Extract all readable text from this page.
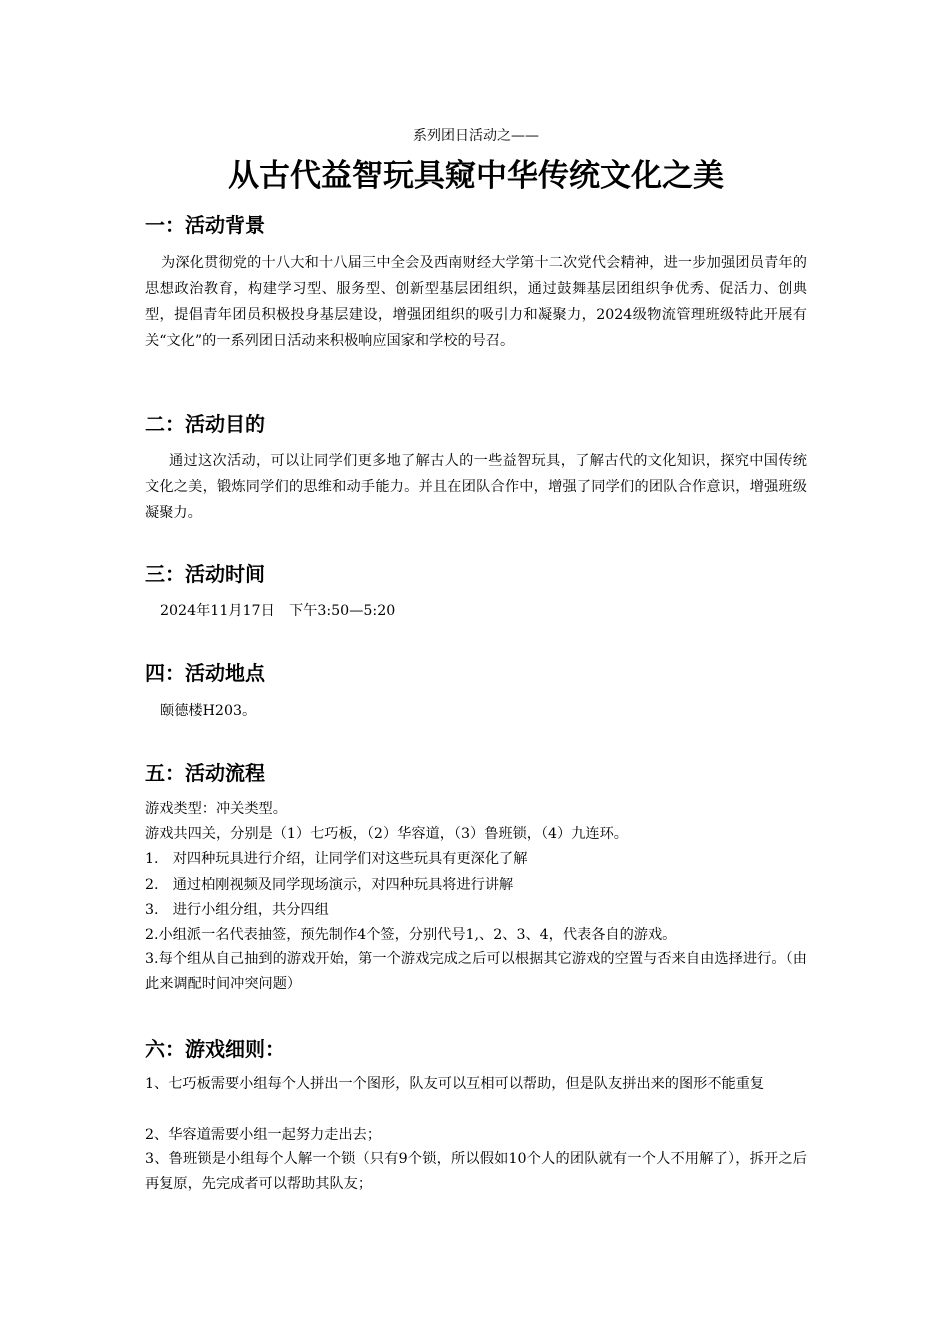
系列团日活动之——
从古代益智玩具窥中华传统文化之美
一：活动背景

为深化贯彻党的十八大和十八届三中全会及西南财经大学第十二次党代会精神，进一步加强团员青年的思想政治教育，构建学习型、服务型、创新型基层团组织，通过鼓舞基层团组织争优秀、促活力、创典型，提倡青年团员积极投身基层建设，增强团组织的吸引力和凝聚力，2024级物流管理班级特此开展有关“文化”的一系列团日活动来积极响应国家和学校的号召。

二：活动目的

通过这次活动，可以让同学们更多地了解古人的一些益智玩具，了解古代的文化知识，探究中国传统文化之美，锻炼同学们的思维和动手能力。并且在团队合作中，增强了同学们的团队合作意识，增强班级凝聚力。

三：活动时间

2024年11月17日　下午3:50—5:20

四：活动地点

颐德楼H203。

五：活动流程

游戏类型：冲关类型。

游戏共四关，分别是（1）七巧板，（2）华容道，（3）鲁班锁，（4）九连环。

1.　对四种玩具进行介绍，让同学们对这些玩具有更深化了解

2.　通过柏刚视频及同学现场演示，对四种玩具将进行讲解

3.　进行小组分组，共分四组

2.小组派一名代表抽签，预先制作4个签，分别代号1,、2、3、4，代表各自的游戏。

3.每个组从自己抽到的游戏开始，第一个游戏完成之后可以根据其它游戏的空置与否来自由选择进行。（由此来调配时间冲突问题）

六：游戏细则：

1、七巧板需要小组每个人拼出一个图形，队友可以互相可以帮助，但是队友拼出来的图形不能重复

2、华容道需要小组一起努力走出去；

3、鲁班锁是小组每个人解一个锁（只有9个锁，所以假如10个人的团队就有一个人不用解了），拆开之后再复原，先完成者可以帮助其队友；
